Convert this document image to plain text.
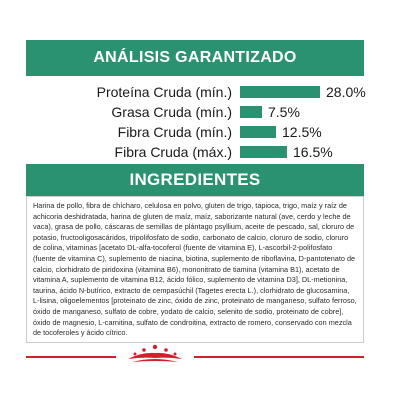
ANÁLISIS GARANTIZADO
Proteína Cruda (mín.)	28.0%
Grasa Cruda (mín.)	7.5%
Fibra Cruda (mín.)	12.5%
Fibra Cruda (máx.)	16.5%
INGREDIENTES
Harina de pollo, fibra de chícharo, celulosa en polvo, gluten de trigo, tapioca, trigo, maíz y raíz de achicoria deshidratada, harina de gluten de maíz, maíz, saborizante natural (ave, cerdo y leche de vaca), grasa de pollo, cáscaras de semillas de plántago psyllium, aceite de pescado, sal, cloruro de potasio, fructooligosacáridos, tripolifosfato de sodio, carbonato de calcio, cloruro de sodio, cloruro de colina, vitaminas [acetato DL-alfa-tocoferol (fuente de vitamina E), L-ascorbil-2-polifosfato (fuente de vitamina C), suplemento de niacina, biotina, suplemento de riboflavina, D-pantotenato de calcio, clorhidrato de piridoxina (vitamina B6), mononitrato de tiamina (vitamina B1), acetato de vitamina A, suplemento de vitamina B12, ácido fólico, suplemento de vitamina D3], DL-metionina, taurina, ácido N-butírico, extracto de cempasúchil (Tagetes erecta L.), clorhidrato de glucosamina, L-lisina, oligoelementos [proteinato de zinc, óxido de zinc, proteinato de manganeso, sulfato ferroso, óxido de manganeso, sulfato de cobre, yodato de calcio, selenito de sodio, proteinato de cobre], óxido de magnesio, L-carnitina, sulfato de condroitina, extracto de romero, conservado con mezcla de tocoferoles y ácido cítrico.
